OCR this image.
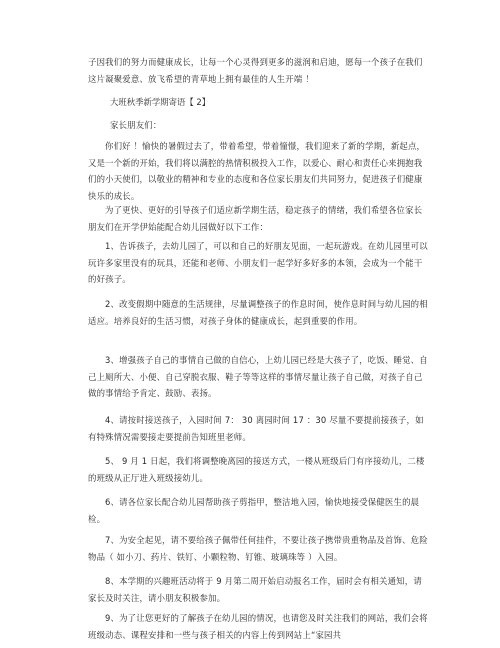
子因我们的努力而健康成长，让每一个心灵得到更多的滋润和启迪，愿每一个孩子在我们这片凝聚爱意、放飞希望的青草地上拥有最佳的人生开端 ！
大班秋季新学期寄语【 2】
家长朋友们：
你们好 ！愉快的暑假过去了，带着希望，带着憧憬，我们迎来了新的学期，新起点，又是一个新的开始，我们将以满腔的热情积极投入工作，以爱心、耐心和责任心来拥抱我们的小天使们，以敬业的精神和专业的态度和各位家长朋友们共同努力，促进孩子们健康快乐的成长。
为了更快、更好的引导孩子们适应新学期生活，稳定孩子的情绪，我们希望各位家长朋友们在开学伊始能配合幼儿园做好以下工作：
1、告诉孩子，去幼儿园了，可以和自己的好朋友见面，一起玩游戏。在幼儿园里可以玩许多家里没有的玩具，还能和老师、小朋友们一起学好多好多的本领，会成为一个能干的好孩子。
2、改变假期中随意的生活规律，尽量调整孩子的作息时间，使作息时间与幼儿园的相适应。培养良好的生活习惯，对孩子身体的健康成长，起到重要的作用。
3、增强孩子自己的事情自己做的自信心，上幼儿园已经是大孩子了，吃饭、睡觉、自己上厕所大、小便、自己穿脱衣服、鞋子等等这样的事情尽量让孩子自己做，对孩子自己做的事情给予肯定、鼓励、表扬。
4、请按时接送孩子，入园时间 7： 30 离园时间 17 ：30 尽量不要提前接孩子，如有特殊情况需要接走要提前告知班里老师。
5、 9 月 1 日起，我们将调整晚离园的接送方式，一楼从班级后门有序接幼儿，二楼的班级从正厅进入班级接幼儿。
6、请各位家长配合幼儿园帮助孩子剪指甲，整洁地入园，愉快地接受保健医生的晨检。
7、为安全起见，请不要给孩子佩带任何挂件，不要让孩子携带贵重物品及首饰、危险物品（ 如小刀、药片、铁钉、小颗粒物、钉锥、玻璃珠等 ）入园。
8、本学期的兴趣班活动将于 9 月第二周开始启动报名工作，届时会有相关通知，请家长及时关注，请小朋友积极参加。
9、为了让您更好的了解孩子在幼儿园的情况，也请您及时关注我们的网站，我们会将班级动态、课程安排和一些与孩子相关的内容上传到网站上“家园共
